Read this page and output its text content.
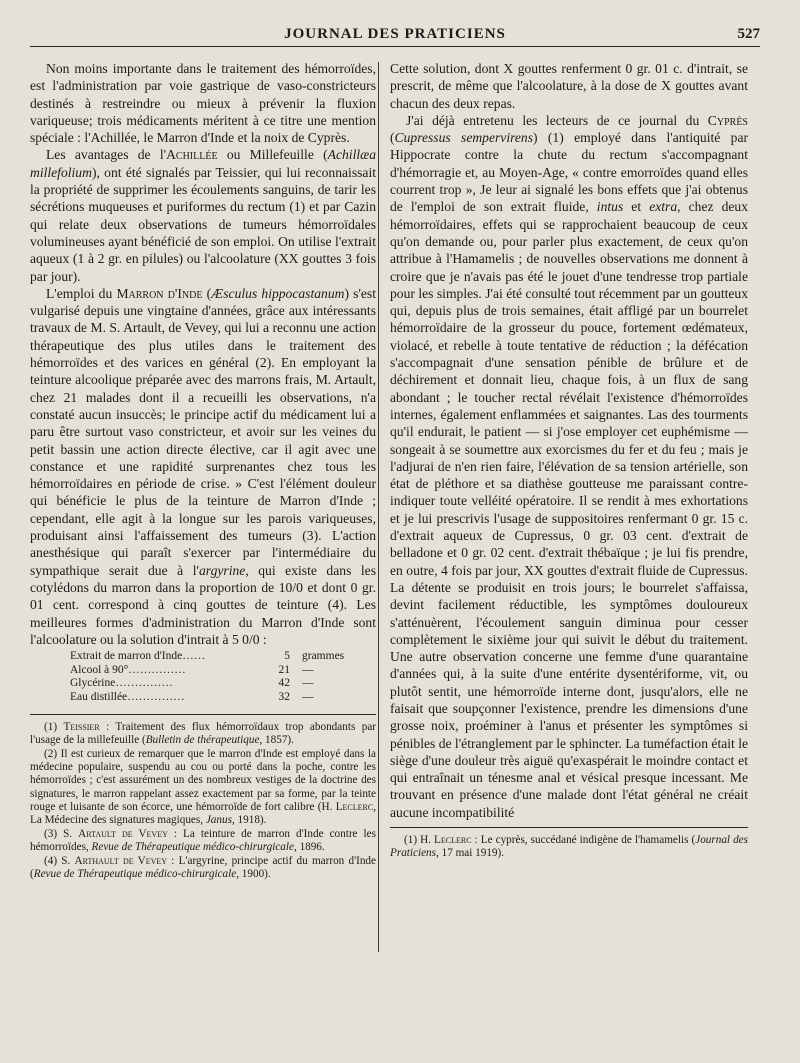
JOURNAL DES PRATICIENS	527

Non moins importante dans le traitement des hémorroïdes, est l'administration par voie gastrique de vaso-constricteurs destinés à restreindre ou mieux à prévenir la fluxion variqueuse; trois médicaments méritent à ce titre une mention spéciale : l'Achillée, le Marron d'Inde et la noix de Cyprès.

Les avantages de l'Achillée ou Millefeuille (Achillæa millefolium), ont été signalés par Teissier, qui lui reconnaissait la propriété de supprimer les écoulements sanguins, de tarir les sécrétions muqueuses et puriformes du rectum (1) et par Cazin qui relate deux observations de tumeurs hémorroïdales volumineuses ayant bénéficié de son emploi. On utilise l'extrait aqueux (1 à 2 gr. en pilules) ou l'alcoolature (XX gouttes 3 fois par jour).

L'emploi du Marron d'Inde (Æsculus hippocastanum) s'est vulgarisé depuis une vingtaine d'années, grâce aux intéressants travaux de M. S. Artault, de Vevey, qui lui a reconnu une action thérapeutique des plus utiles dans le traitement des hémorroïdes et des varices en général (2). En employant la teinture alcoolique préparée avec des marrons frais, M. Artault, chez 21 malades dont il a recueilli les observations, n'a constaté aucun insuccès; le principe actif du médicament lui a paru être surtout vaso constricteur, et avoir sur les veines du petit bassin une action directe élective, car il agit avec une constance et une rapidité surprenantes chez tous les hémorroïdaires en période de crise. » C'est l'élément douleur qui bénéficie le plus de la teinture de Marron d'Inde ; cependant, elle agit à la longue sur les parois variqueuses, produisant ainsi l'affaissement des tumeurs (3). L'action anesthésique qui paraît s'exercer par l'intermédiaire du sympathique serait due à l'argyrine, qui existe dans les cotylédons du marron dans la proportion de 10/0 et dont 0 gr. 01 cent. correspond à cinq gouttes de teinture (4). Les meilleures formes d'administration du Marron d'Inde sont l'alcoolature ou la solution d'intrait à 5 0/0 :

Extrait de marron d'Inde……	5	grammes
Alcool à 90°……………	21	—
Glycérine……………	42	—
Eau distillée……………	32	—

(1) Teissier : Traitement des flux hémorroïdaux trop abondants par l'usage de la millefeuille (Bulletin de thérapeutique, 1857).

(2) Il est curieux de remarquer que le marron d'Inde est employé dans la médecine populaire, suspendu au cou ou porté dans la poche, contre les hémorroïdes ; c'est assurément un des nombreux vestiges de la doctrine des signatures, le marron rappelant assez exactement par sa forme, par la teinte rouge et luisante de son écorce, une hémorroïde de fort calibre (H. Leclerc, La Médecine des signatures magiques, Janus, 1918).

(3) S. Artault de Vevey : La teinture de marron d'Inde contre les hémorroïdes, Revue de Thérapeutique médico-chirurgicale, 1896.

(4) S. Arthault de Vevey : L'argyrine, principe actif du marron d'Inde (Revue de Thérapeutique médico-chirurgicale, 1900).

Cette solution, dont X gouttes renferment 0 gr. 01 c. d'intrait, se prescrit, de même que l'alcoolature, à la dose de X gouttes avant chacun des deux repas.

J'ai déjà entretenu les lecteurs de ce journal du Cyprès (Cupressus sempervirens) (1) employé dans l'antiquité par Hippocrate contre la chute du rectum s'accompagnant d'hémorragie et, au Moyen-Age, « contre emorroïdes quand elles courrent trop », Je leur ai signalé les bons effets que j'ai obtenus de l'emploi de son extrait fluide, intus et extra, chez deux hémorroïdaires, effets qui se rapprochaient beaucoup de ceux qu'on demande ou, pour parler plus exactement, de ceux qu'on attribue à l'Hamamelis ; de nouvelles observations me donnent à croire que je n'avais pas été le jouet d'une tendresse trop partiale pour les simples. J'ai été consulté tout récemment par un goutteux qui, depuis plus de trois semaines, était affligé par un bourrelet hémorroïdaire de la grosseur du pouce, fortement œdémateux, violacé, et rebelle à toute tentative de réduction ; la défécation s'accompagnait d'une sensation pénible de brûlure et de déchirement et donnait lieu, chaque fois, à un flux de sang abondant ; le toucher rectal révélait l'existence d'hémorroïdes internes, également enflammées et saignantes. Las des tourments qu'il endurait, le patient — si j'ose employer cet euphémisme — songeait à se soumettre aux exorcismes du fer et du feu ; mais je l'adjurai de n'en rien faire, l'élévation de sa tension artérielle, son état de pléthore et sa diathèse goutteuse me paraissant contre-indiquer toute velléité opératoire. Il se rendit à mes exhortations et je lui prescrivis l'usage de suppositoires renfermant 0 gr. 15 c. d'extrait aqueux de Cupressus, 0 gr. 03 cent. d'extrait de belladone et 0 gr. 02 cent. d'extrait thébaïque ; je lui fis prendre, en outre, 4 fois par jour, XX gouttes d'extrait fluide de Cupressus. La détente se produisit en trois jours; le bourrelet s'affaissa, devint facilement réductible, les symptômes douloureux s'atténuèrent, l'écoulement sanguin diminua pour cesser complètement le sixième jour qui suivit le début du traitement. Une autre observation concerne une femme d'une quarantaine d'années qui, à la suite d'une entérite dysentériforme, vit, ou plutôt sentit, une hémorroïde interne dont, jusqu'alors, elle ne faisait que soupçonner l'existence, prendre les dimensions d'une grosse noix, proéminer à l'anus et présenter les symptômes si pénibles de l'étranglement par le sphincter. La tuméfaction était le siège d'une douleur très aiguë qu'exaspérait le moindre contact et qui entraînait un ténesme anal et vésical presque incessant. Me trouvant en présence d'une malade dont l'état général ne créait aucune incompatibilité

(1) H. Leclerc : Le cyprès, succédané indigène de l'hamamelis (Journal des Praticiens, 17 mai 1919).
